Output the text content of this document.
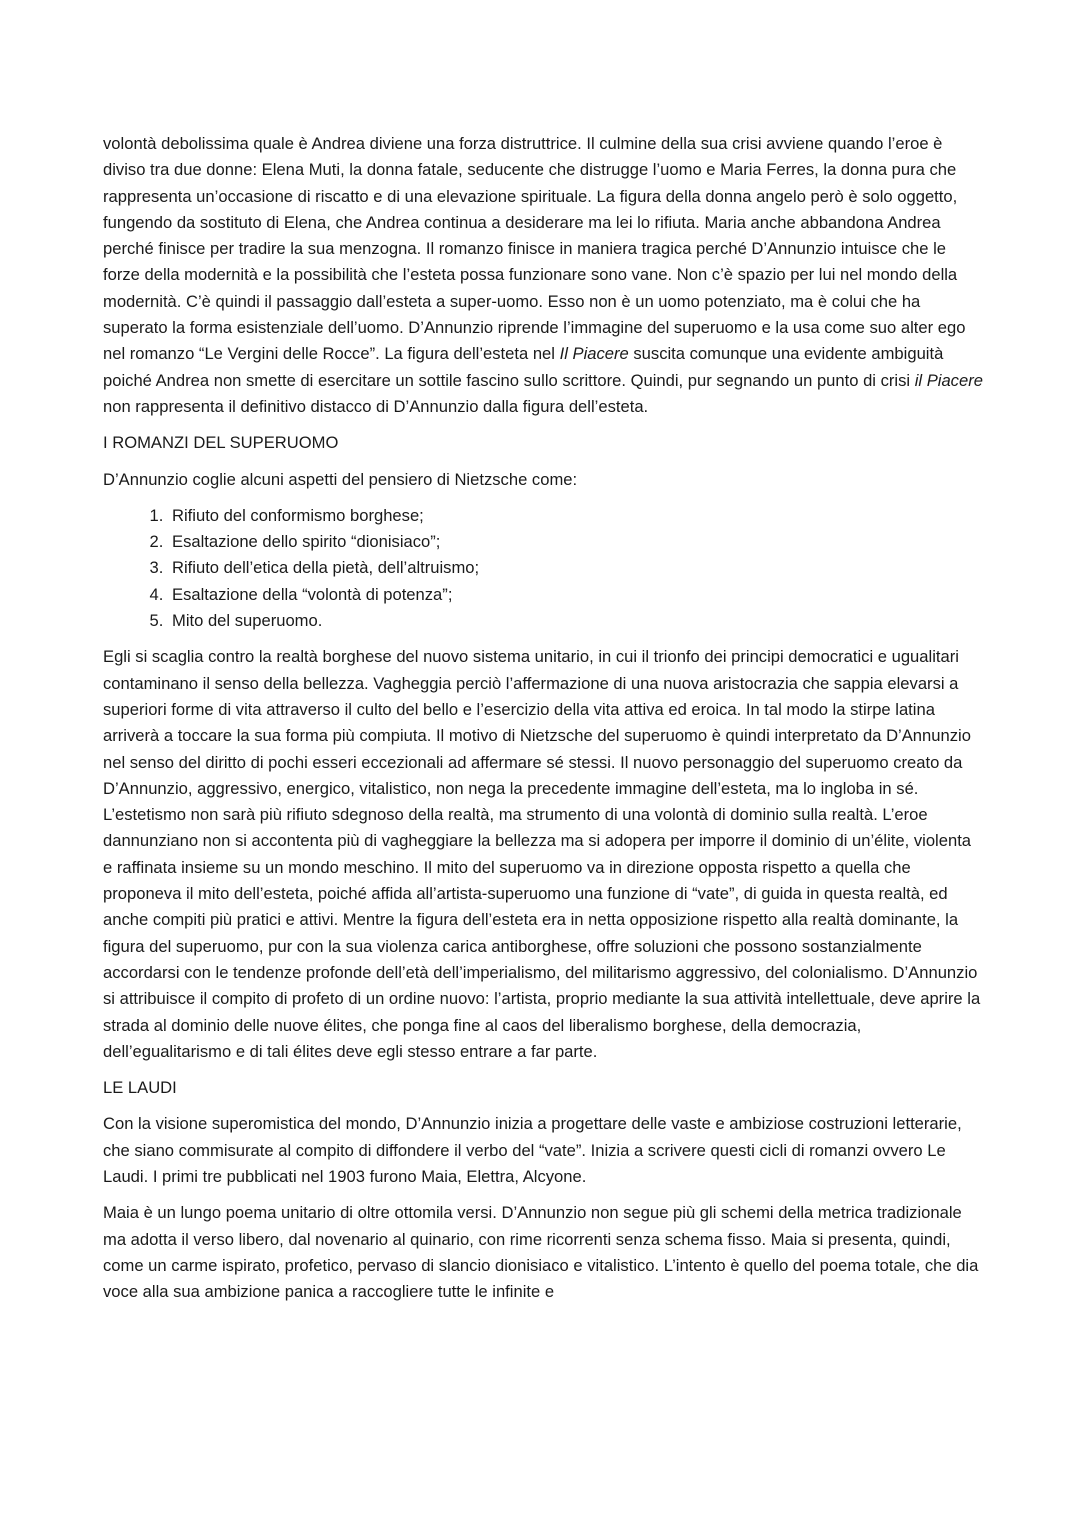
volontà debolissima quale è Andrea diviene una forza distruttrice. Il culmine della sua crisi avviene quando l’eroe è diviso tra due donne: Elena Muti, la donna fatale, seducente che distrugge l’uomo e Maria Ferres, la donna pura che rappresenta un’occasione di riscatto e di una elevazione spirituale. La figura della donna angelo però è solo oggetto, fungendo da sostituto di Elena, che Andrea continua a desiderare ma lei lo rifiuta. Maria anche abbandona Andrea perché finisce per tradire la sua menzogna. Il romanzo finisce in maniera tragica perché D’Annunzio intuisce che le forze della modernità e la possibilità che l’esteta possa funzionare sono vane. Non c’è spazio per lui nel mondo della modernità. C’è quindi il passaggio dall’esteta a super-uomo. Esso non è un uomo potenziato, ma è colui che ha superato la forma esistenziale dell’uomo. D’Annunzio riprende l’immagine del superuomo e la usa come suo alter ego nel romanzo “Le Vergini delle Rocce”. La figura dell’esteta nel Il Piacere suscita comunque una evidente ambiguità poiché Andrea non smette di esercitare un sottile fascino sullo scrittore. Quindi, pur segnando un punto di crisi il Piacere non rappresenta il definitivo distacco di D’Annunzio dalla figura dell’esteta.

I ROMANZI DEL SUPERUOMO

D’Annunzio coglie alcuni aspetti del pensiero di Nietzsche come:

1. Rifiuto del conformismo borghese;
2. Esaltazione dello spirito “dionisiaco”;
3. Rifiuto dell’etica della pietà, dell’altruismo;
4. Esaltazione della “volontà di potenza”;
5. Mito del superuomo.

Egli si scaglia contro la realtà borghese del nuovo sistema unitario, in cui il trionfo dei principi democratici e ugualitari contaminano il senso della bellezza. Vagheggia perciò l’affermazione di una nuova aristocrazia che sappia elevarsi a superiori forme di vita attraverso il culto del bello e l’esercizio della vita attiva ed eroica. In tal modo la stirpe latina arriverà a toccare la sua forma più compiuta. Il motivo di Nietzsche del superuomo è quindi interpretato da D’Annunzio nel senso del diritto di pochi esseri eccezionali ad affermare sé stessi. Il nuovo personaggio del superuomo creato da D’Annunzio, aggressivo, energico, vitalistico, non nega la precedente immagine dell’esteta, ma lo ingloba in sé. L’estetismo non sarà più rifiuto sdegnoso della realtà, ma strumento di una volontà di dominio sulla realtà. L’eroe dannunziano non si accontenta più di vagheggiare la bellezza ma si adopera per imporre il dominio di un’élite, violenta e raffinata insieme su un mondo meschino. Il mito del superuomo va in direzione opposta rispetto a quella che proponeva il mito dell’esteta, poiché affida all’artista-superuomo una funzione di “vate”, di guida in questa realtà, ed anche compiti più pratici e attivi. Mentre la figura dell’esteta era in netta opposizione rispetto alla realtà dominante, la figura del superuomo, pur con la sua violenza carica antiborghese, offre soluzioni che possono sostanzialmente accordarsi con le tendenze profonde dell’età dell’imperialismo, del militarismo aggressivo, del colonialismo. D’Annunzio si attribuisce il compito di profeto di un ordine nuovo: l’artista, proprio mediante la sua attività intellettuale, deve aprire la strada al dominio delle nuove élites, che ponga fine al caos del liberalismo borghese, della democrazia, dell’egualitarismo e di tali élites deve egli stesso entrare a far parte.

LE LAUDI

Con la visione superomistica del mondo, D’Annunzio inizia a progettare delle vaste e ambiziose costruzioni letterarie, che siano commisurate al compito di diffondere il verbo del “vate”. Inizia a scrivere questi cicli di romanzi ovvero Le Laudi. I primi tre pubblicati nel 1903 furono Maia, Elettra, Alcyone.

Maia è un lungo poema unitario di oltre ottomila versi. D’Annunzio non segue più gli schemi della metrica tradizionale ma adotta il verso libero, dal novenario al quinario, con rime ricorrenti senza schema fisso. Maia si presenta, quindi, come un carme ispirato, profetico, pervaso di slancio dionisiaco e vitalistico. L’intento è quello del poema totale, che dia voce alla sua ambizione panica a raccogliere tutte le infinite e
